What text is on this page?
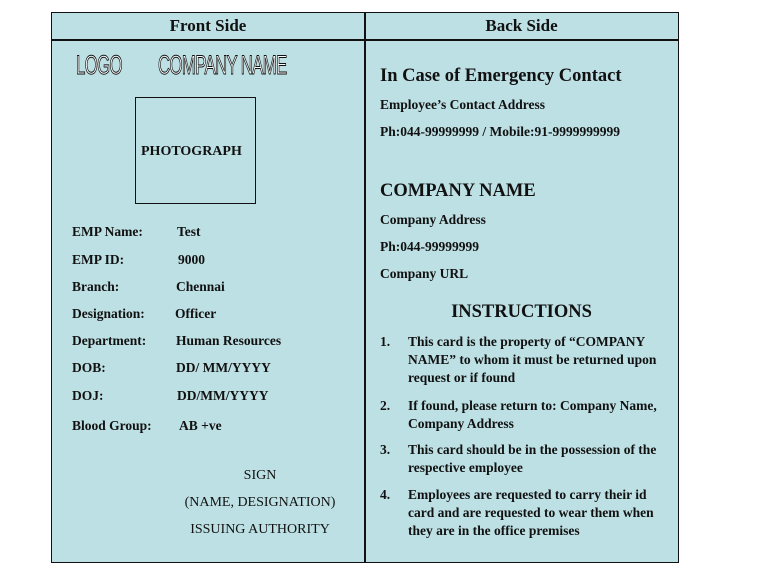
Front Side	Back Side
LOGO COMPANY NAME
PHOTOGRAPH
EMP Name:	Test
EMP ID:	9000
Branch:	Chennai
Designation: Officer
Department: Human Resources
DOB:	DD/ MM/YYYY
DOJ:	DD/MM/YYYY
Blood Group: AB +ve
SIGN
(NAME, DESIGNATION)
ISSUING AUTHORITY
In Case of Emergency Contact
Employee’s Contact Address
Ph:044-99999999 / Mobile:91-9999999999
COMPANY NAME
Company Address
Ph:044-99999999
Company URL
INSTRUCTIONS
1. This card is the property of “COMPANY NAME” to whom it must be returned upon request or if found
2. If found, please return to: Company Name, Company Address
3. This card should be in the possession of the respective employee
4. Employees are requested to carry their id card and are requested to wear them when they are in the office premises
